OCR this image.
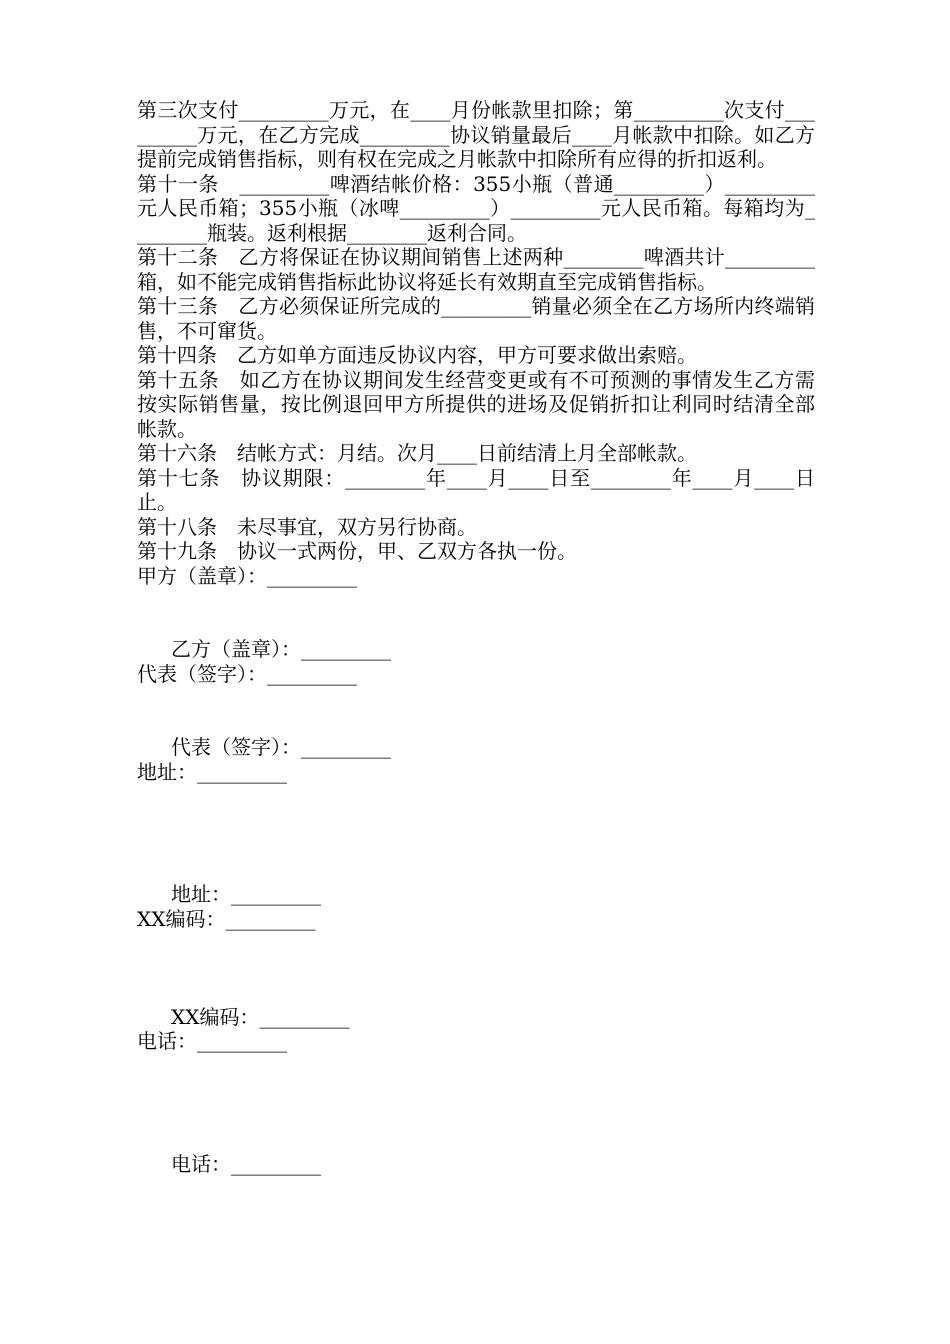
第三次支付_________万元，在____月份帐款里扣除；第_________次支付_________万元，在乙方完成_________协议销量最后____月帐款中扣除。如乙方提前完成销售指标，则有权在完成之月帐款中扣除所有应得的折扣返利。

第十一条　_________啤酒结帐价格：355小瓶（普通_________）_________元人民币箱；355小瓶（冰啤_________）_________元人民币箱。每箱均为________瓶装。返利根据________返利合同。

第十二条　乙方将保证在协议期间销售上述两种________啤酒共计_________箱，如不能完成销售指标此协议将延长有效期直至完成销售指标。

第十三条　乙方必须保证所完成的_________销量必须全在乙方场所内终端销售，不可窜货。

第十四条　乙方如单方面违反协议内容，甲方可要求做出索赔。

第十五条　如乙方在协议期间发生经营变更或有不可预测的事情发生乙方需按实际销售量，按比例退回甲方所提供的进场及促销折扣让利同时结清全部帐款。

第十六条　结帐方式：月结。次月____日前结清上月全部帐款。

第十七条　协议期限：________年____月____日至________年____月____日止。

第十八条　未尽事宜，双方另行协商。

第十九条　协议一式两份，甲、乙双方各执一份。

甲方（盖章）：_________

乙方（盖章）：_________

代表（签字）：_________

代表（签字）：_________

地址：_________

地址：_________

XX编码：_________

XX编码：_________

电话：_________

电话：_________
